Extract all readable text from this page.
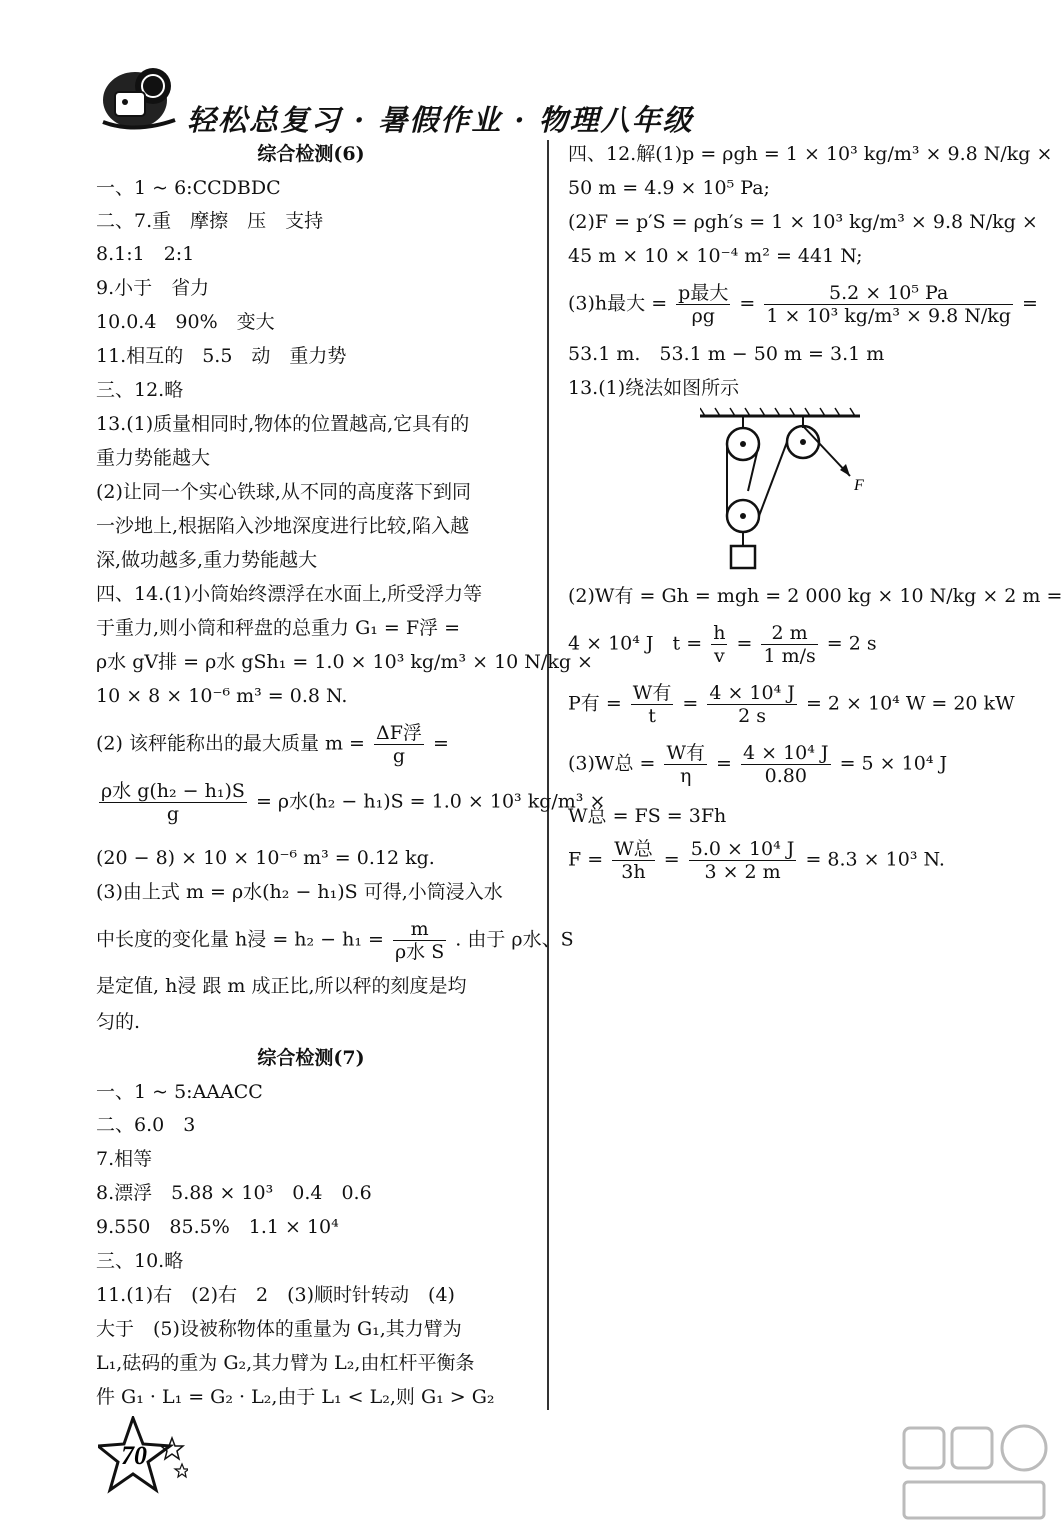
轻松总复习 · 暑假作业 · 物理八年级
综合检测(6)
一、1 ~ 6:CCDBDC
二、7.重　摩擦　压　支持
8.1:1　2:1
9.小于　省力
10.0.4　90%　变大
11.相互的　5.5　动　重力势
三、12.略
13.(1)质量相同时,物体的位置越高,它具有的
重力势能越大
(2)让同一个实心铁球,从不同的高度落下到同
一沙地上,根据陷入沙地深度进行比较,陷入越
深,做功越多,重力势能越大
四、14.(1)小筒始终漂浮在水面上,所受浮力等
于重力,则小筒和秤盘的总重力 G₁ = F浮 =
ρ水 gV排 = ρ水 gSh₁ = 1.0 × 10³ kg/m³ × 10 N/kg ×
10 × 8 × 10⁻⁶ m³ = 0.8 N.
(2) 该秤能称出的最大质量 $m = \frac{\text{ΔF浮}}{g}$ =
$\frac{\text{ρ水 g(h₂ − h₁)S}}{g} = \rho$水(h₂ − h₁)S = 1.0 × 10³ kg/m³ ×
(20 − 8) × 10 × 10⁻⁶ m³ = 0.12 kg.
(3)由上式 m = ρ水(h₂ − h₁)S 可得,小筒浸入水
中长度的变化量 h浸 = $h_2 - h_1 = \frac{m}{\text{ρ水 S}}$ . 由于 ρ水、S
是定值, h浸 跟 m 成正比,所以秤的刻度是均
匀的.
综合检测(7)
一、1 ~ 5:AAACC
二、6.0　3
7.相等
8.漂浮　5.88 × 10³　0.4　0.6
9.550　85.5%　1.1 × 10⁴
三、10.略
11.(1)右　(2)右　2　(3)顺时针转动　(4)
大于　(5)设被称物体的重量为 G₁,其力臂为
L₁,砝码的重为 G₂,其力臂为 L₂,由杠杆平衡条
件 G₁ · L₁ = G₂ · L₂,由于 L₁ < L₂,则 G₁ > G₂
四、12.解(1)p = ρgh = 1 × 10³ kg/m³ × 9.8 N/kg ×
50 m = 4.9 × 10⁵ Pa;
(2)F = p′S = ρgh′s = 1 × 10³ kg/m³ × 9.8 N/kg ×
45 m × 10 × 10⁻⁴ m² = 441 N;
(3)h最大 = $\frac{\text{p最大}}{\rho g} = \frac{\text{5.2 × 10⁵ Pa}}{\text{1 × 10³ kg/m³ × 9.8 N/kg}}$ =
53.1 m.　53.1 m − 50 m = 3.1 m
13.(1)绕法如图所示
F
(2)W有 = Gh = mgh = 2 000 kg × 10 N/kg × 2 m =
4 × 10⁴ J　$t = \frac{h}{v} = \frac{2 m}{1 m/s} = 2$ s
P有 = $\frac{\text{W有}}{t} = \frac{\text{4 × 10⁴ J}}{2 s} = 2 \times 10^4$ W = 20 kW
(3)W总 = $\frac{\text{W有}}{\eta} = \frac{\text{4 × 10⁴ J}}{0.80} = 5 \times 10^4$ J
W总 = FS = 3Fh
$F = \frac{\text{W总}}{3h} = \frac{\text{5.0 × 10⁴ J}}{3 \times 2 m} = 8.3 \times 10^3$ N.
70
